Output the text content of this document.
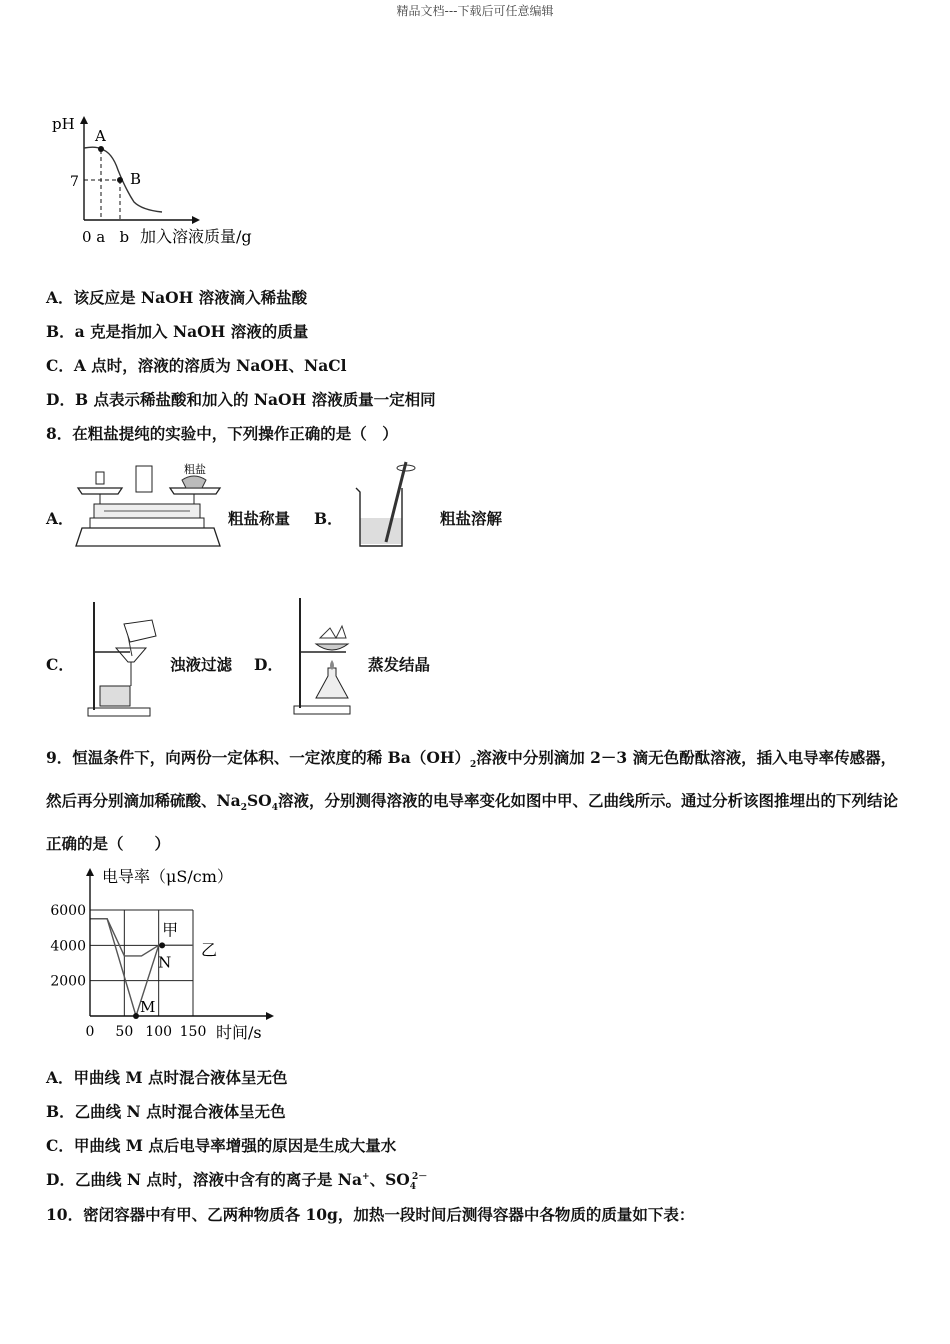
精品文档---下载后可任意编辑
pH
7
A
B
0 a   b 加入溶液质量/g
A．该反应是 NaOH 溶液滴入稀盐酸
B．a 克是指加入 NaOH 溶液的质量
C．A 点时，溶液的溶质为 NaOH、NaCl
D．B 点表示稀盐酸和加入的 NaOH 溶液质量一定相同
8．在粗盐提纯的实验中，下列操作正确的是（　）
A．
粗盐
粗盐称量 B．	粗盐溶解
C．	浊液过滤 D．	蒸发结晶
9．恒温条件下，向两份一定体积、一定浓度的稀 $Ba(OH)_2$溶液中分别滴加 2－3 滴无色酚酞溶液，插入电导率传感器，然后再分别滴加稀硫酸、$Na_2SO_4$溶液，分别测得溶液的电导率变化如图中甲、乙曲线所示。通过分析该图推埋出的下列结论正确的是（　　）
甲
乙
电导率（μS/cm）
时间/s
0 50 100 150
2000
4000
6000
M
N
A．甲曲线 M 点时混合液体呈无色
B．乙曲线 N 点时混合液体呈无色
C．甲曲线 M 点后电导率增强的原因是生成大量水
D．乙曲线 N 点时，溶液中含有的离子是 Na+、$SO_4^{2-}$
10．密闭容器中有甲、乙两种物质各 10g，加热一段时间后测得容器中各物质的质量如下表：
